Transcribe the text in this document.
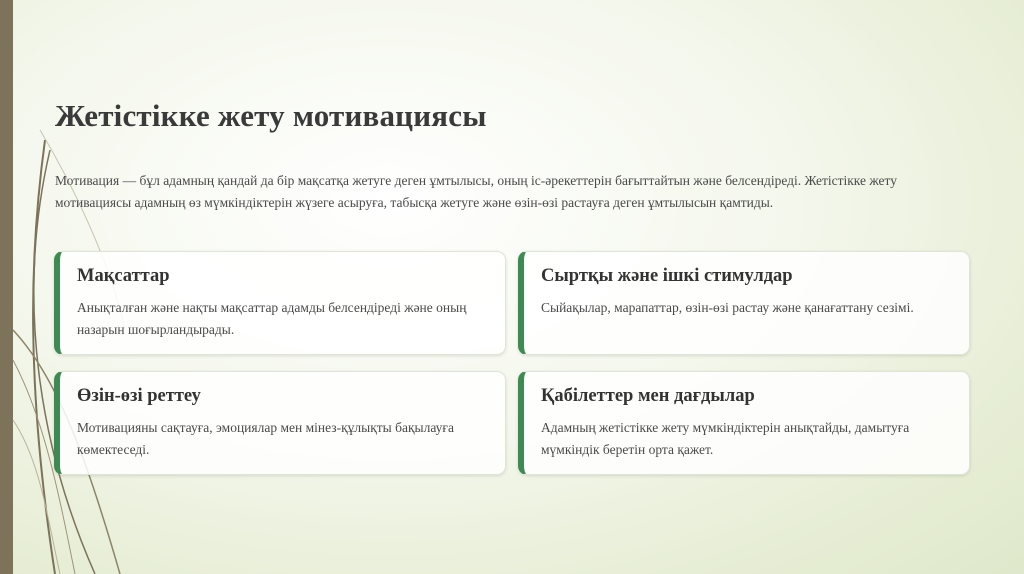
Жетістікке жету мотивациясы

Мотивация — бұл адамның қандай да бір мақсатқа жетуге деген ұмтылысы, оның іс-әрекеттерін бағыттайтын және белсендіреді. Жетістікке жету мотивациясы адамның өз мүмкіндіктерін жүзеге асыруға, табысқа жетуге және өзін-өзі растауға деген ұмтылысын қамтиды.

Мақсаттар

Анықталған және нақты мақсаттар адамды белсендіреді және оның назарын шоғырландырады.

Сыртқы және ішкі стимулдар

Сыйақылар, марапаттар, өзін-өзі растау және қанағаттану сезімі.

Өзін-өзі реттеу

Мотивацияны сақтауға, эмоциялар мен мінез-құлықты бақылауға көмектеседі.

Қабілеттер мен дағдылар

Адамның жетістікке жету мүмкіндіктерін анықтайды, дамытуға мүмкіндік беретін орта қажет.
